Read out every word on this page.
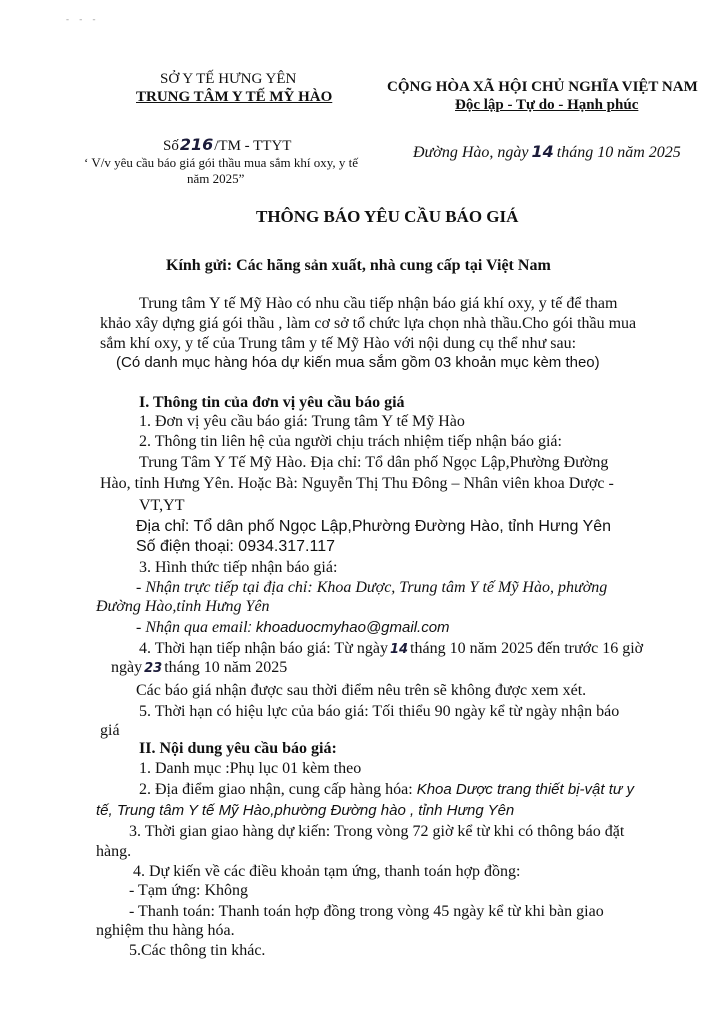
- - -
SỞ Y TẾ HƯNG YÊN
TRUNG TÂM Y TẾ MỸ HÀO
CỘNG HÒA XÃ HỘI CHỦ NGHĨA VIỆT NAM
Độc lập - Tự do - Hạnh phúc
Số216/TM - TTYT
‘ V/v yêu cầu báo giá gói thầu mua sắm khí oxy, y tế
năm 2025”
Đường Hào, ngày 14 tháng 10 năm 2025
THÔNG BÁO YÊU CẦU BÁO GIÁ
Kính gửi: Các hãng sản xuất, nhà cung cấp tại Việt Nam
Trung tâm Y tế Mỹ Hào có nhu cầu tiếp nhận báo giá khí oxy, y tế để tham
khảo xây dựng giá gói thầu , làm cơ sở tổ chức lựa chọn nhà thầu.Cho gói thầu mua
sắm khí oxy, y tế của Trung tâm y tế Mỹ Hào với nội dung cụ thể như sau:
(Có danh mục hàng hóa dự kiến mua sắm gồm 03 khoản mục kèm theo)
I. Thông tin của đơn vị yêu cầu báo giá
1. Đơn vị yêu cầu báo giá: Trung tâm Y tế Mỹ Hào
2. Thông tin liên hệ của người chịu trách nhiệm tiếp nhận báo giá:
Trung Tâm Y Tế Mỹ Hào. Địa chỉ: Tổ dân phố Ngọc Lập,Phường Đường
Hào, tỉnh Hưng Yên. Hoặc Bà: Nguyễn Thị Thu Đông – Nhân viên khoa Dược -
VT,YT
Địa chỉ: Tổ dân phố Ngọc Lập,Phường Đường Hào, tỉnh Hưng Yên
Số điện thoại: 0934.317.117
3. Hình thức tiếp nhận báo giá:
- Nhận trực tiếp tại địa chỉ: Khoa Dược, Trung tâm Y tế Mỹ Hào, phường
Đường Hào,tỉnh Hưng Yên
- Nhận qua email: khoaduocmyhao@gmail.com
4. Thời hạn tiếp nhận báo giá: Từ ngày 14 tháng 10 năm 2025 đến trước 16 giờ
ngày 23 tháng 10 năm 2025
Các báo giá nhận được sau thời điểm nêu trên sẽ không được xem xét.
5. Thời hạn có hiệu lực của báo giá: Tối thiểu 90 ngày kể từ ngày nhận báo
giá
II. Nội dung yêu cầu báo giá:
1. Danh mục :Phụ lục 01 kèm theo
2. Địa điểm giao nhận, cung cấp hàng hóa: Khoa Dược trang thiết bị-vật tư y
tế, Trung tâm Y tế Mỹ Hào,phường Đường hào , tỉnh Hưng Yên
3. Thời gian giao hàng dự kiến: Trong vòng 72 giờ kể từ khi có thông báo đặt
hàng.
4. Dự kiến về các điều khoản tạm ứng, thanh toán hợp đồng:
- Tạm ứng: Không
- Thanh toán: Thanh toán hợp đồng trong vòng 45 ngày kể từ khi bàn giao
nghiệm thu hàng hóa.
5.Các thông tin khác.
